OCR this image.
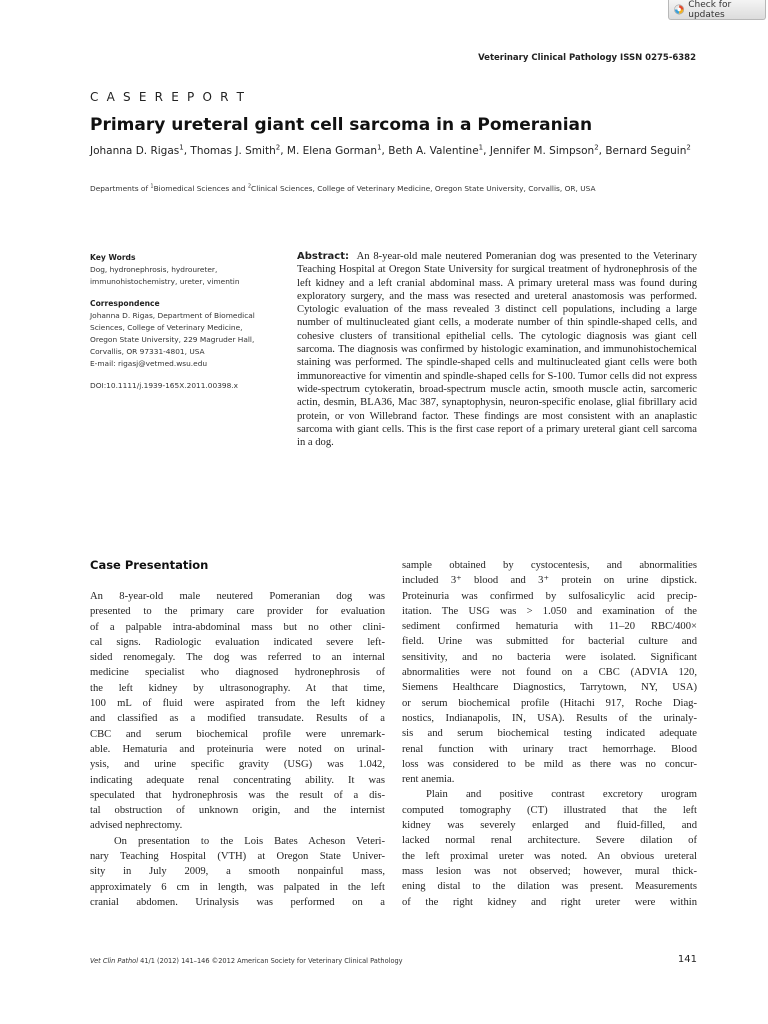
Check for updates
Veterinary Clinical Pathology ISSN 0275-6382
C A S E R E P O R T
Primary ureteral giant cell sarcoma in a Pomeranian
Johanna D. Rigas$^1$, Thomas J. Smith$^2$, M. Elena Gorman$^1$, Beth A. Valentine$^1$, Jennifer M. Simpson$^2$, Bernard Seguin$^2$
Departments of $^1$Biomedical Sciences and $^2$Clinical Sciences, College of Veterinary Medicine, Oregon State University, Corvallis, OR, USA
Key Words
Dog, hydronephrosis, hydroureter,
immunohistochemistry, ureter, vimentin
Correspondence
Johanna D. Rigas, Department of Biomedical
Sciences, College of Veterinary Medicine,
Oregon State University, 229 Magruder Hall,
Corvallis, OR 97331-4801, USA
E-mail: rigasj@vetmed.wsu.edu
DOI:10.1111/j.1939-165X.2011.00398.x
Abstract: An 8-year-old male neutered Pomeranian dog was presented to the Veterinary Teaching Hospital at Oregon State University for surgical treatment of hydronephrosis of the left kidney and a left cranial abdominal mass. A primary ureteral mass was found during exploratory surgery, and the mass was resected and ureteral anastomosis was performed. Cytologic evaluation of the mass revealed 3 distinct cell populations, including a large number of multinucleated giant cells, a moderate number of thin spindle-shaped cells, and cohesive clusters of transitional epithelial cells. The cytologic diagnosis was giant cell sarcoma. The diagnosis was confirmed by histologic examination, and immunohistochemical staining was performed. The spindle-shaped cells and multinucleated giant cells were both immunoreactive for vimentin and spindle-shaped cells for S-100. Tumor cells did not express wide-spectrum cytokeratin, broad-spectrum muscle actin, smooth muscle actin, sarcomeric actin, desmin, BLA36, Mac 387, synaptophysin, neuron-specific enolase, glial fibrillary acid protein, or von Willebrand factor. These findings are most consistent with an anaplastic sarcoma with giant cells. This is the first case report of a primary ureteral giant cell sarcoma in a dog.
Case Presentation

An 8-year-old male neutered Pomeranian dog was
presented to the primary care provider for evaluation
of a palpable intra-abdominal mass but no other clini-
cal signs. Radiologic evaluation indicated severe left-
sided renomegaly. The dog was referred to an internal
medicine specialist who diagnosed hydronephrosis of
the left kidney by ultrasonography. At that time,
100 mL of fluid were aspirated from the left kidney
and classified as a modified transudate. Results of a
CBC and serum biochemical profile were unremark-
able. Hematuria and proteinuria were noted on urinal-
ysis, and urine specific gravity (USG) was 1.042,
indicating adequate renal concentrating ability. It was
speculated that hydronephrosis was the result of a dis-
tal obstruction of unknown origin, and the internist
advised nephrectomy.

On presentation to the Lois Bates Acheson Veteri-
nary Teaching Hospital (VTH) at Oregon State Univer-
sity in July 2009, a smooth nonpainful mass,
approximately 6 cm in length, was palpated in the left
cranial abdomen. Urinalysis was performed on a

sample obtained by cystocentesis, and abnormalities
included 3⁺ blood and 3⁺ protein on urine dipstick.
Proteinuria was confirmed by sulfosalicylic acid precip-
itation. The USG was > 1.050 and examination of the
sediment confirmed hematuria with 11–20 RBC/400×
field. Urine was submitted for bacterial culture and
sensitivity, and no bacteria were isolated. Significant
abnormalities were not found on a CBC (ADVIA 120,
Siemens Healthcare Diagnostics, Tarrytown, NY, USA)
or serum biochemical profile (Hitachi 917, Roche Diag-
nostics, Indianapolis, IN, USA). Results of the urinaly-
sis and serum biochemical testing indicated adequate
renal function with urinary tract hemorrhage. Blood
loss was considered to be mild as there was no concur-
rent anemia.

Plain and positive contrast excretory urogram
computed tomography (CT) illustrated that the left
kidney was severely enlarged and fluid-filled, and
lacked normal renal architecture. Severe dilation of
the left proximal ureter was noted. An obvious ureteral
mass lesion was not observed; however, mural thick-
ening distal to the dilation was present. Measurements
of the right kidney and right ureter were within

Vet Clin Pathol 41/1 (2012) 141–146 ©2012 American Society for Veterinary Clinical Pathology	141
